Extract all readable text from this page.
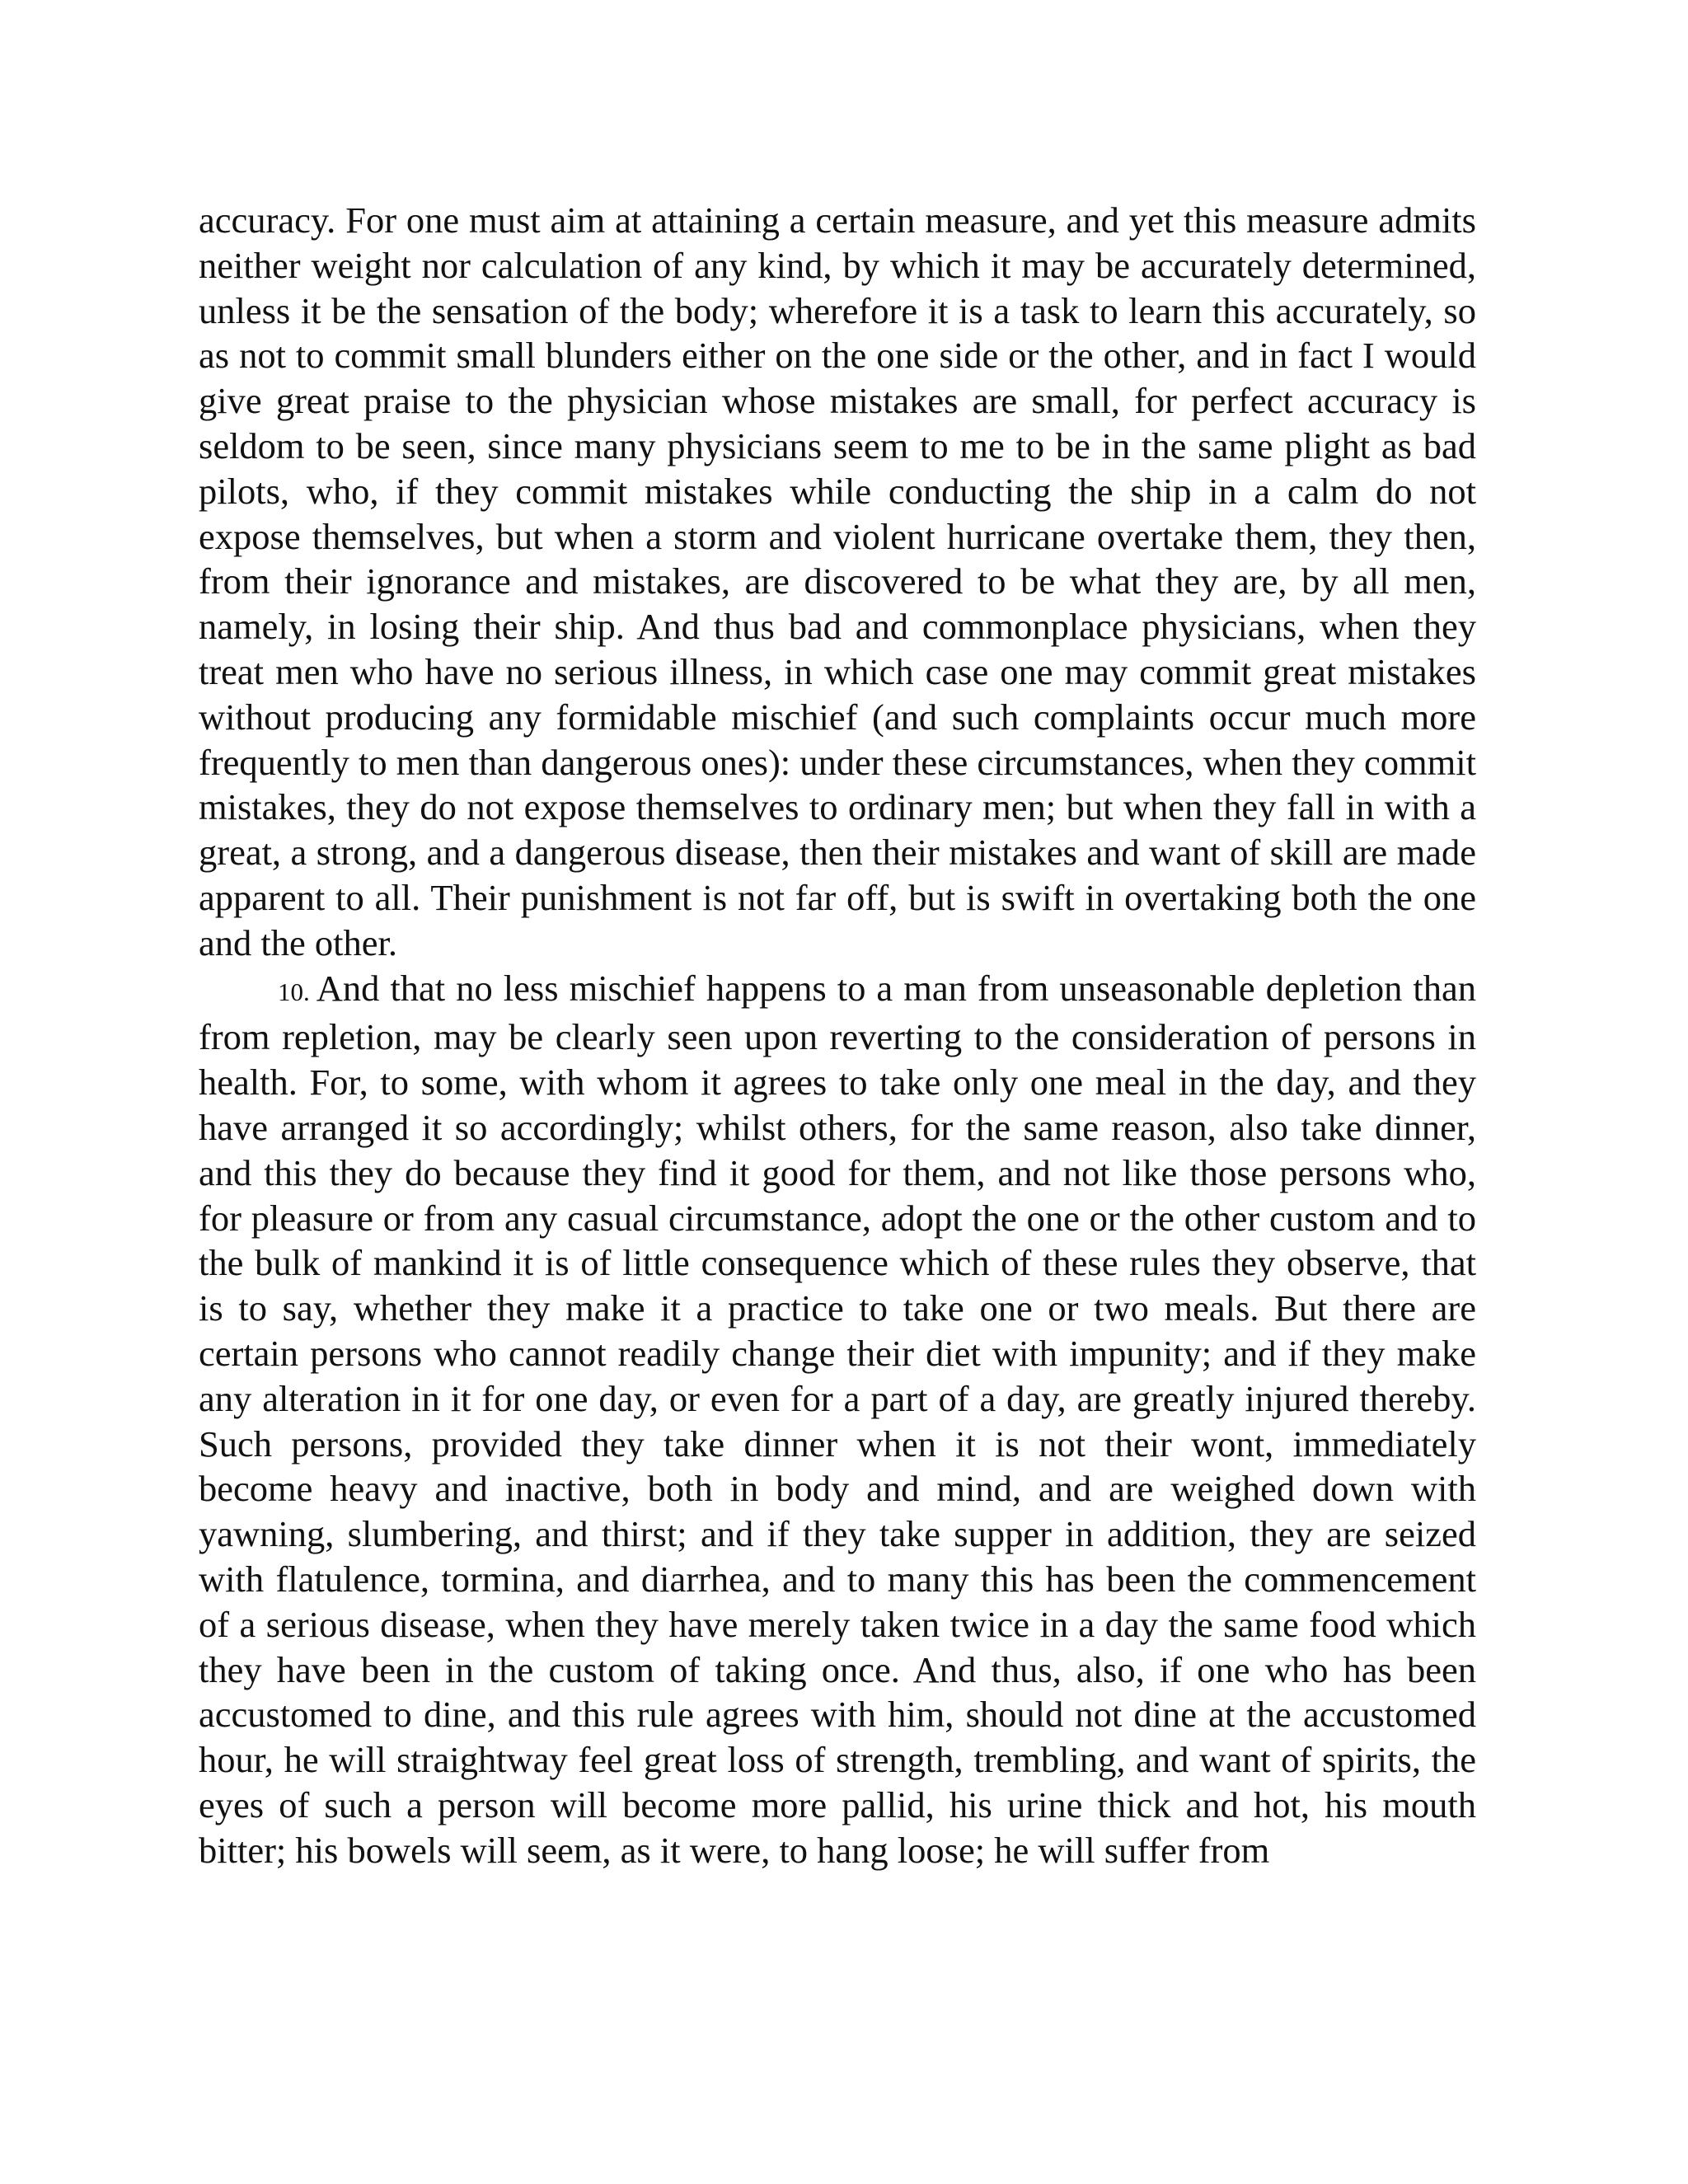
accuracy. For one must aim at attaining a certain measure, and yet this measure admits neither weight nor calculation of any kind, by which it may be accurately determined, unless it be the sensation of the body; wherefore it is a task to learn this accurately, so as not to commit small blunders either on the one side or the other, and in fact I would give great praise to the physician whose mistakes are small, for perfect accuracy is seldom to be seen, since many physicians seem to me to be in the same plight as bad pilots, who, if they commit mistakes while conducting the ship in a calm do not expose themselves, but when a storm and violent hurricane overtake them, they then, from their ignorance and mistakes, are discovered to be what they are, by all men, namely, in losing their ship. And thus bad and commonplace physicians, when they treat men who have no serious illness, in which case one may commit great mistakes without producing any formidable mischief (and such complaints occur much more frequently to men than dangerous ones): under these circumstances, when they commit mistakes, they do not expose themselves to ordinary men; but when they fall in with a great, a strong, and a dangerous disease, then their mistakes and want of skill are made apparent to all. Their punishment is not far off, but is swift in overtaking both the one and the other.

10. And that no less mischief happens to a man from unseasonable depletion than from repletion, may be clearly seen upon reverting to the consideration of persons in health. For, to some, with whom it agrees to take only one meal in the day, and they have arranged it so accordingly; whilst others, for the same reason, also take dinner, and this they do because they find it good for them, and not like those persons who, for pleasure or from any casual circumstance, adopt the one or the other custom and to the bulk of mankind it is of little consequence which of these rules they observe, that is to say, whether they make it a practice to take one or two meals. But there are certain persons who cannot readily change their diet with impunity; and if they make any alteration in it for one day, or even for a part of a day, are greatly injured thereby. Such persons, provided they take dinner when it is not their wont, immediately become heavy and inactive, both in body and mind, and are weighed down with yawning, slumbering, and thirst; and if they take supper in addition, they are seized with flatulence, tormina, and diarrhea, and to many this has been the commencement of a serious disease, when they have merely taken twice in a day the same food which they have been in the custom of taking once. And thus, also, if one who has been accustomed to dine, and this rule agrees with him, should not dine at the accustomed hour, he will straightway feel great loss of strength, trembling, and want of spirits, the eyes of such a person will become more pallid, his urine thick and hot, his mouth bitter; his bowels will seem, as it were, to hang loose; he will suffer from
